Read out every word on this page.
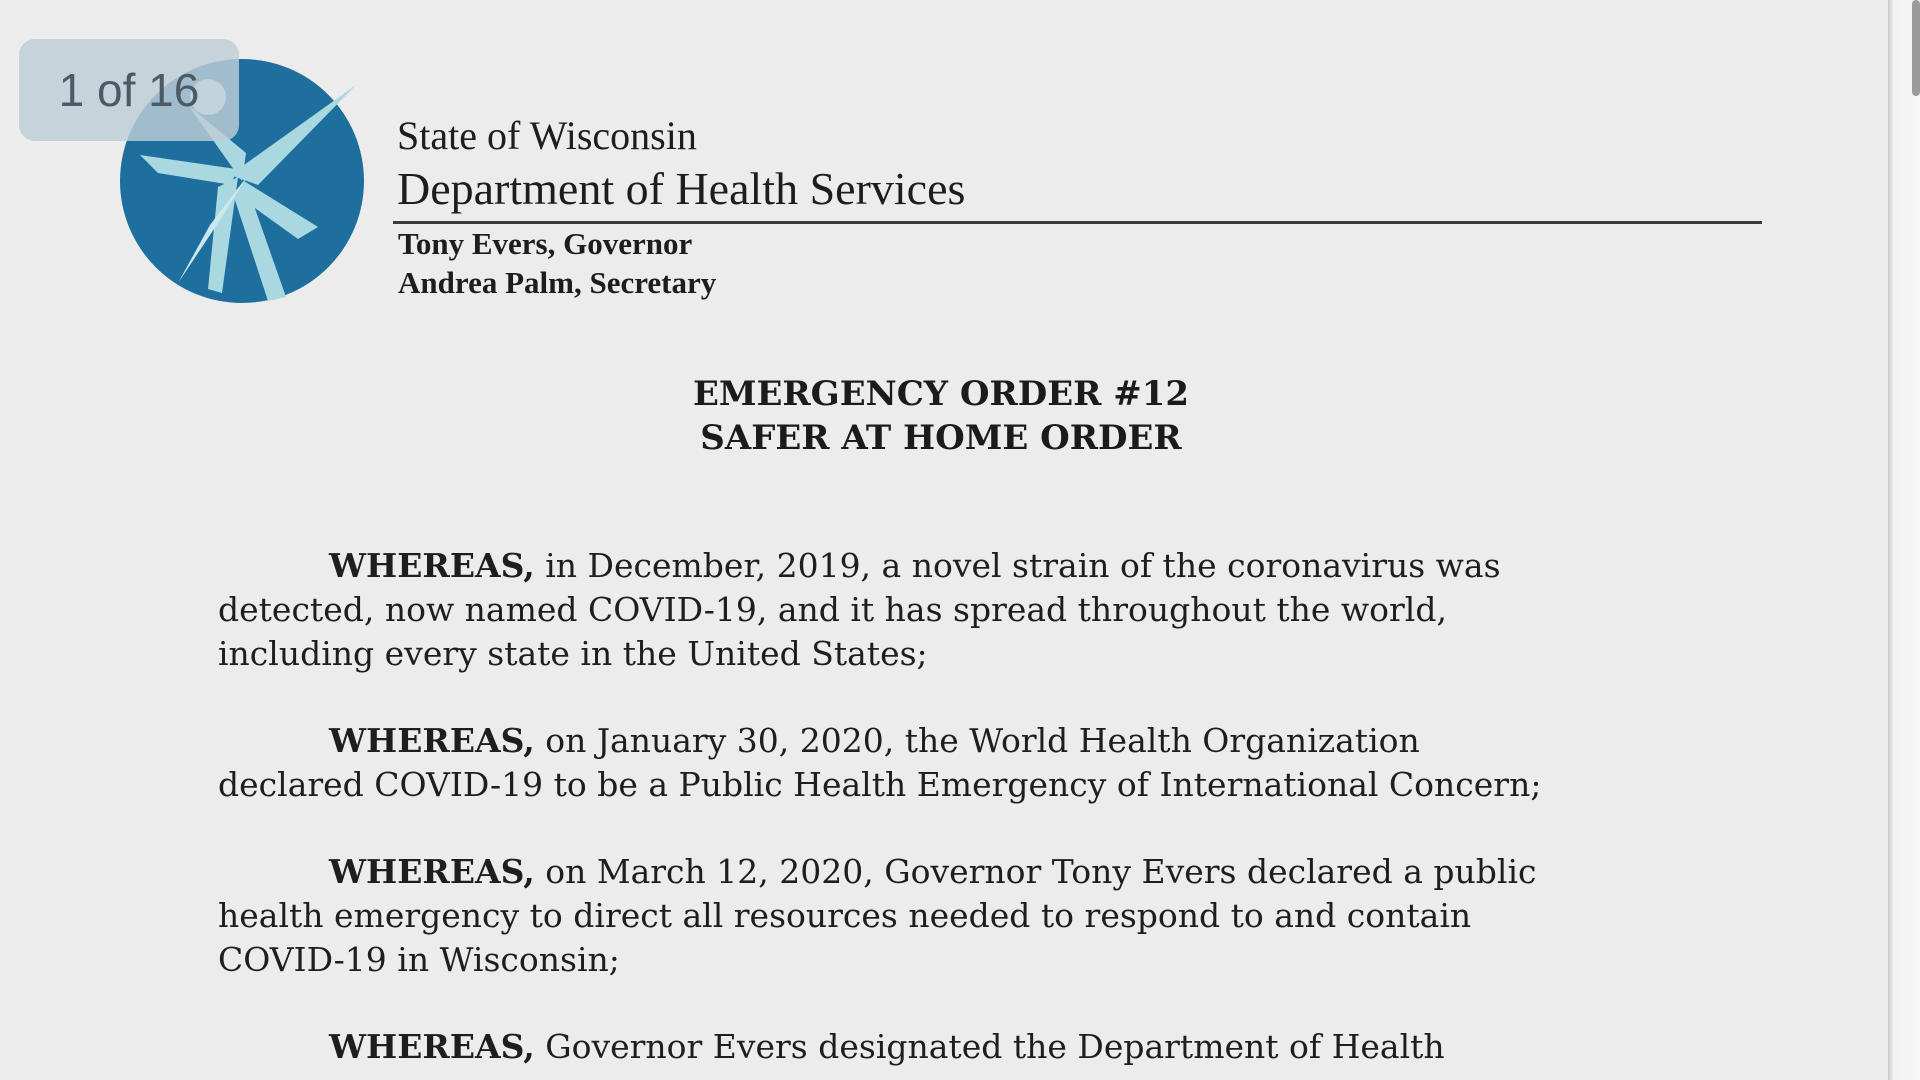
State of Wisconsin
Department of Health Services
Tony Evers, Governor
Andrea Palm, Secretary
EMERGENCY ORDER #12
SAFER AT HOME ORDER
WHEREAS, in December, 2019, a novel strain of the coronavirus was
detected, now named COVID-19, and it has spread throughout the world,
including every state in the United States;
WHEREAS, on January 30, 2020, the World Health Organization
declared COVID-19 to be a Public Health Emergency of International Concern;
WHEREAS, on March 12, 2020, Governor Tony Evers declared a public
health emergency to direct all resources needed to respond to and contain
COVID-19 in Wisconsin;
WHEREAS, Governor Evers designated the Department of Health
1 of 16
